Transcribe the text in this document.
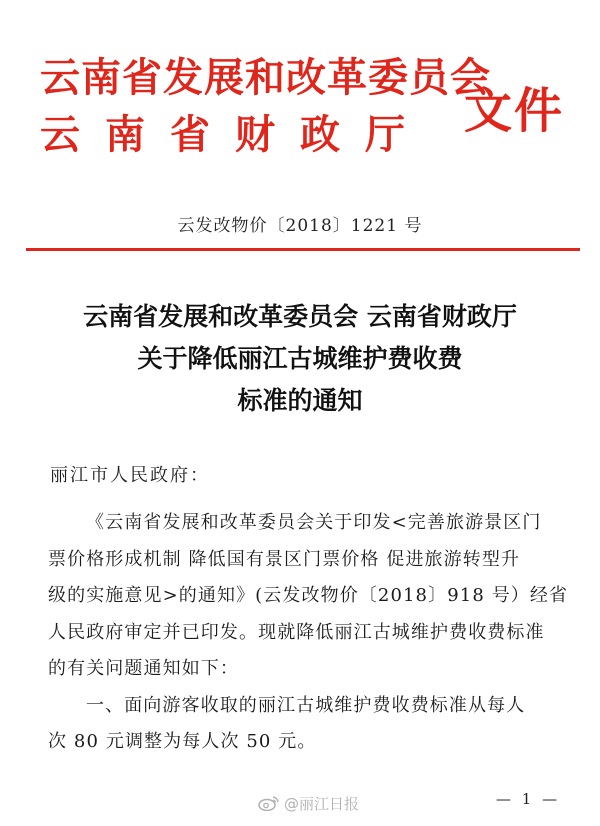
云南省发展和改革委员会
云南省财政厅 文件
云发改物价〔2018〕1221 号
云南省发展和改革委员会 云南省财政厅
关于降低丽江古城维护费收费
标准的通知
丽江市人民政府：
《云南省发展和改革委员会关于印发<完善旅游景区门
票价格形成机制 降低国有景区门票价格 促进旅游转型升
级的实施意见>的通知》(云发改物价〔2018〕918 号）经省
人民政府审定并已印发。现就降低丽江古城维护费收费标准
的有关问题通知如下：
一、面向游客收取的丽江古城维护费收费标准从每人
次 80 元调整为每人次 50 元。
@丽江日报	— 1 —
